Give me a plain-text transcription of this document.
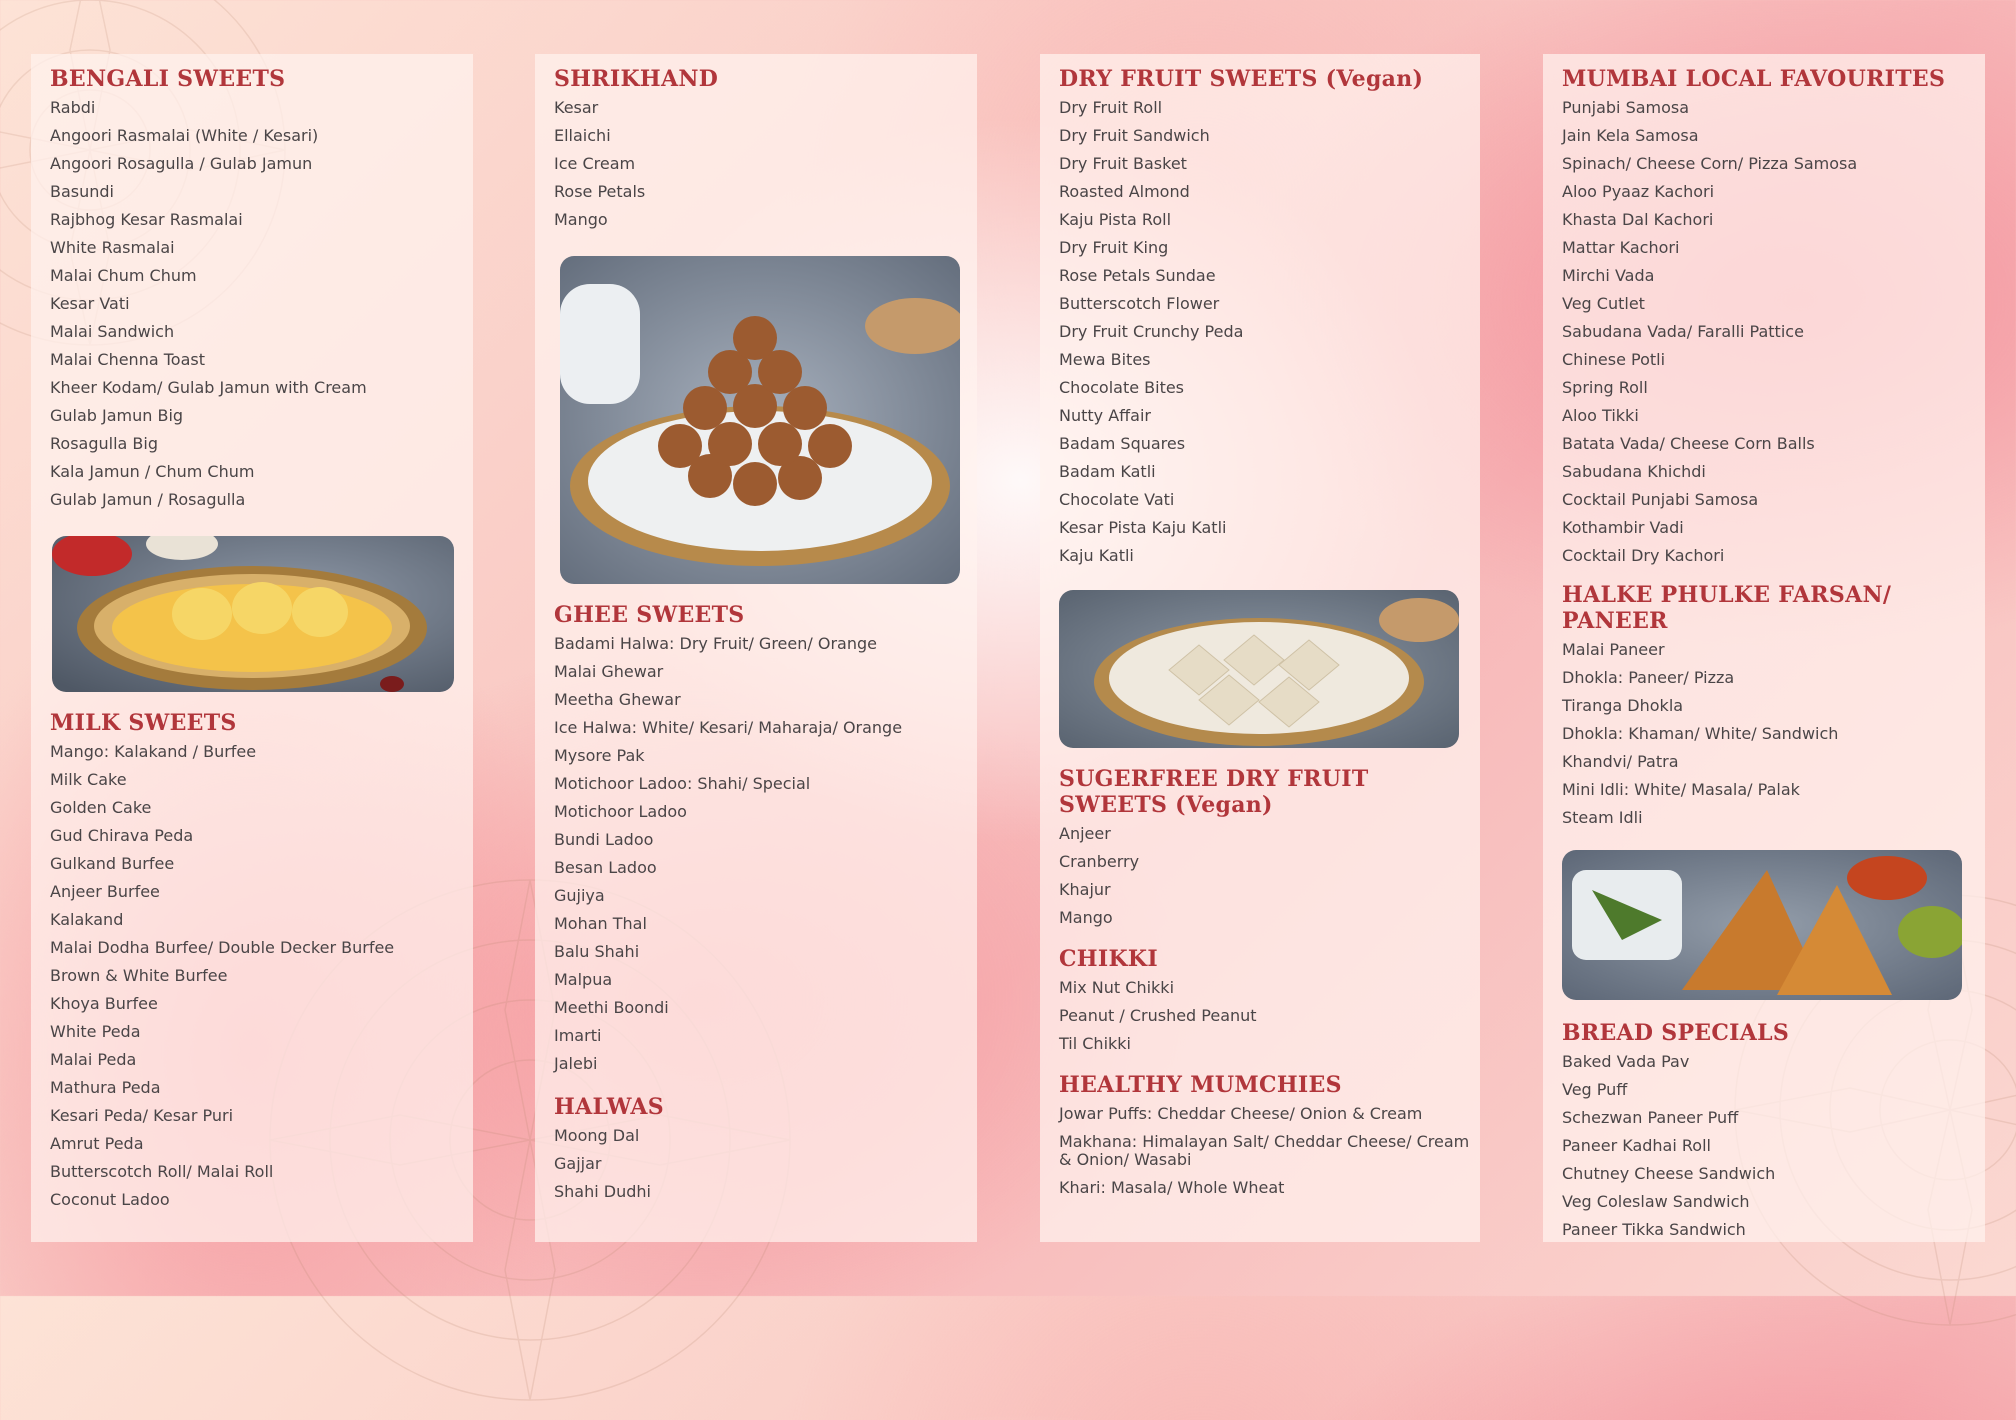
BENGALI SWEETS
Rabdi
Angoori Rasmalai (White / Kesari)
Angoori Rosagulla / Gulab Jamun
Basundi
Rajbhog Kesar Rasmalai
White Rasmalai
Malai Chum Chum
Kesar Vati
Malai Sandwich
Malai Chenna Toast
Kheer Kodam/ Gulab Jamun with Cream
Gulab Jamun Big
Rosagulla Big
Kala Jamun / Chum Chum
Gulab Jamun / Rosagulla
MILK SWEETS
Mango: Kalakand / Burfee
Milk Cake
Golden Cake
Gud Chirava Peda
Gulkand Burfee
Anjeer Burfee
Kalakand
Malai Dodha Burfee/ Double Decker Burfee
Brown & White Burfee
Khoya Burfee
White Peda
Malai Peda
Mathura Peda
Kesari Peda/ Kesar Puri
Amrut Peda
Butterscotch Roll/ Malai Roll
Coconut Ladoo
SHRIKHAND
Kesar
Ellaichi
Ice Cream
Rose Petals
Mango
GHEE SWEETS
Badami Halwa: Dry Fruit/ Green/ Orange
Malai Ghewar
Meetha Ghewar
Ice Halwa: White/ Kesari/ Maharaja/ Orange
Mysore Pak
Motichoor Ladoo: Shahi/ Special
Motichoor Ladoo
Bundi Ladoo
Besan Ladoo
Gujiya
Mohan Thal
Balu Shahi
Malpua
Meethi Boondi
Imarti
Jalebi
HALWAS
Moong Dal
Gajjar
Shahi Dudhi
DRY FRUIT SWEETS (Vegan)
Dry Fruit Roll
Dry Fruit Sandwich
Dry Fruit Basket
Roasted Almond
Kaju Pista Roll
Dry Fruit King
Rose Petals Sundae
Butterscotch Flower
Dry Fruit Crunchy Peda
Mewa Bites
Chocolate Bites
Nutty Affair
Badam Squares
Badam Katli
Chocolate Vati
Kesar Pista Kaju Katli
Kaju Katli
SUGERFREE DRY FRUIT SWEETS (Vegan)
Anjeer
Cranberry
Khajur
Mango
CHIKKI
Mix Nut Chikki
Peanut / Crushed Peanut
Til Chikki
HEALTHY MUMCHIES
Jowar Puffs: Cheddar Cheese/ Onion & Cream
Makhana: Himalayan Salt/ Cheddar Cheese/ Cream & Onion/ Wasabi
Khari: Masala/ Whole Wheat
MUMBAI LOCAL FAVOURITES
Punjabi Samosa
Jain Kela Samosa
Spinach/ Cheese Corn/ Pizza Samosa
Aloo Pyaaz Kachori
Khasta Dal Kachori
Mattar Kachori
Mirchi Vada
Veg Cutlet
Sabudana Vada/ Faralli Pattice
Chinese Potli
Spring Roll
Aloo Tikki
Batata Vada/ Cheese Corn Balls
Sabudana Khichdi
Cocktail Punjabi Samosa
Kothambir Vadi
Cocktail Dry Kachori
HALKE PHULKE FARSAN/ PANEER
Malai Paneer
Dhokla: Paneer/ Pizza
Tiranga Dhokla
Dhokla: Khaman/ White/ Sandwich
Khandvi/ Patra
Mini Idli: White/ Masala/ Palak
Steam Idli
BREAD SPECIALS
Baked Vada Pav
Veg Puff
Schezwan Paneer Puff
Paneer Kadhai Roll
Chutney Cheese Sandwich
Veg Coleslaw Sandwich
Paneer Tikka Sandwich
